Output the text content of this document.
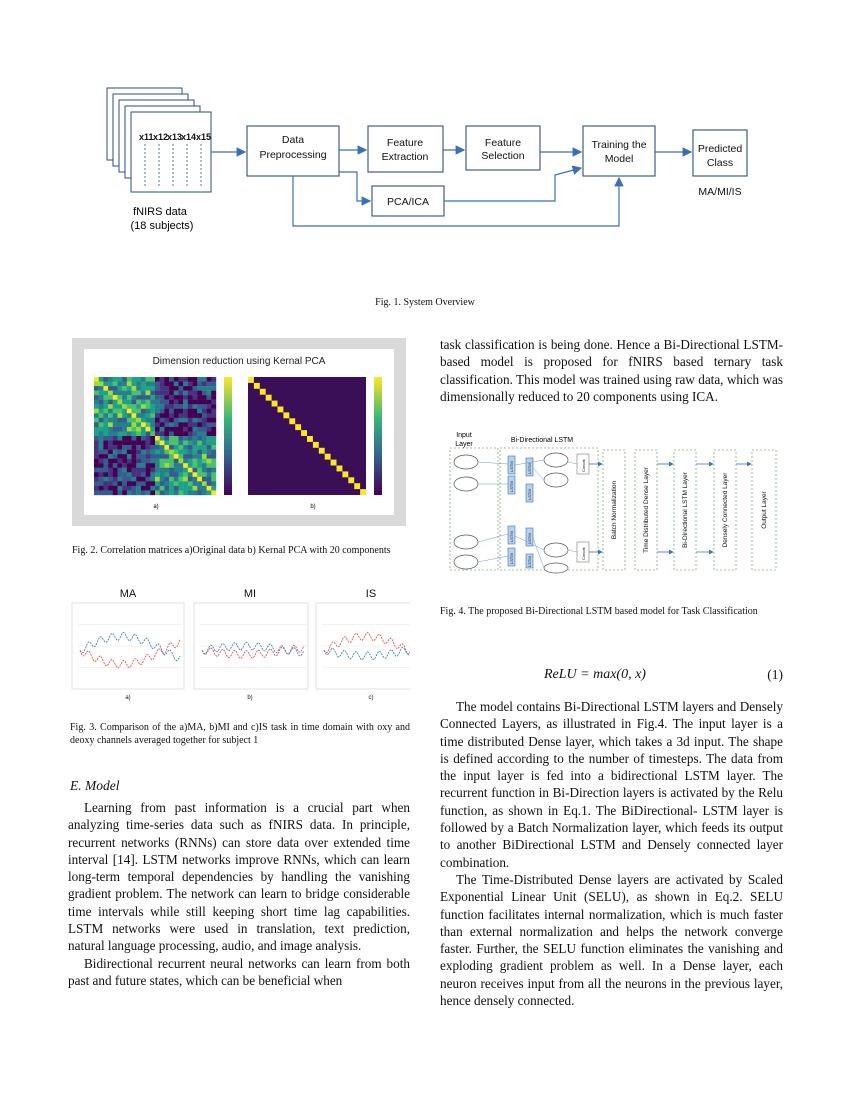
x11 x12
x13
x14 x15
fNIRS data
(18 subjects)
Data
Preprocessing
Feature
Extraction
Feature
Selection
Training the
Model
Predicted
Class
PCA/ICA
MA/MI/IS
Fig. 1. System Overview
Dimension reduction using Kernal PCA
a)	b)
Fig. 2. Correlation matrices a)Original data b) Kernal PCA with 20 components
MA	MI	IS
a)	b)	c)
Fig. 3. Comparison of the a)MA, b)MI and c)IS task in time domain with oxy and deoxy channels averaged together for subject 1
E. Model

Learning from past information is a crucial part when analyzing time-series data such as fNIRS data. In principle, recurrent networks (RNNs) can store data over extended time interval [14]. LSTM networks improve RNNs, which can learn long-term temporal dependencies by handling the vanishing gradient problem. The network can learn to bridge considerable time intervals while still keeping short time lag capabilities. LSTM networks were used in translation, text prediction, natural language processing, audio, and image analysis.

Bidirectional recurrent neural networks can learn from both past and future states, which can be beneficial when

task classification is being done. Hence a Bi-Directional LSTM-based model is proposed for fNIRS based ternary task classification. This model was trained using raw data, which was dimensionally reduced to 20 components using ICA.

Input
Layer
Bi-Directional LSTM
LSTM
LSTM
LSTM
LSTM
LSTM
LSTM
LSTM
LSTM
Concat
Concat
Batch Normalization	Time Distributed Dense Layer	Bi-Directional LSTM Layer	Densely Connected Layer	Output Layer
Fig. 4. The proposed Bi-Directional LSTM based model for Task Classification
ReLU = max(0, x)	(1)

The model contains Bi-Directional LSTM layers and Densely Connected Layers, as illustrated in Fig.4. The input layer is a time distributed Dense layer, which takes a 3d input. The shape is defined according to the number of timesteps. The data from the input layer is fed into a bidirectional LSTM layer. The recurrent function in Bi-Direction layers is activated by the Relu function, as shown in Eq.1. The BiDirectional- LSTM layer is followed by a Batch Normalization layer, which feeds its output to another BiDirectional LSTM and Densely connected layer combination.

The Time-Distributed Dense layers are activated by Scaled Exponential Linear Unit (SELU), as shown in Eq.2. SELU function facilitates internal normalization, which is much faster than external normalization and helps the network converge faster. Further, the SELU function eliminates the vanishing and exploding gradient problem as well. In a Dense layer, each neuron receives input from all the neurons in the previous layer, hence densely connected.
